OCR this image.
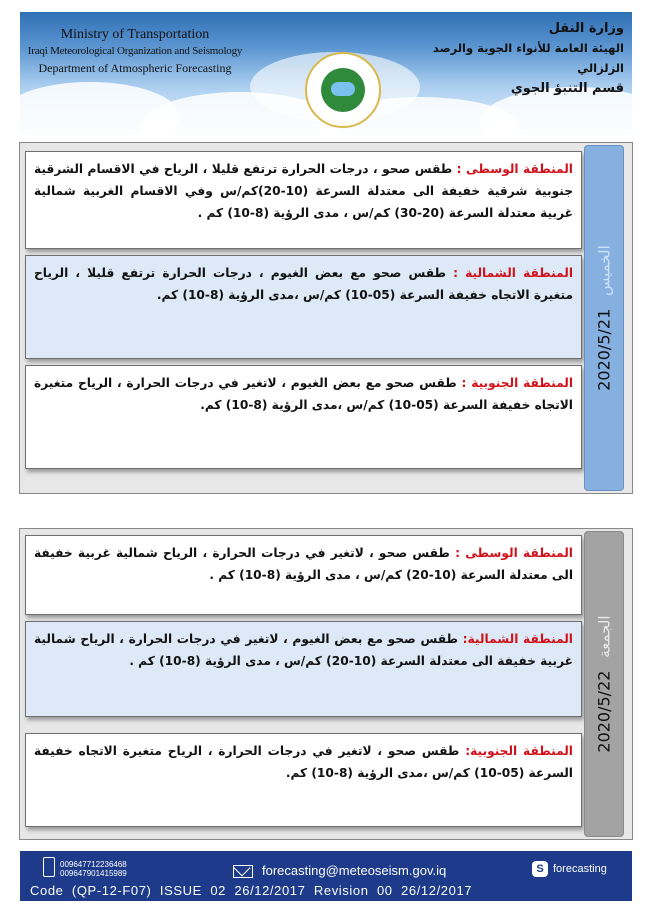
Ministry of Transportation
Iraqi Meteorological Organization and Seismology
Department of Atmospheric Forecasting
وزارة النقل
الهيئة العامة للأنواء الجوية والرصد الزلزالي
قسم التنبؤ الجوي
المنطقة الوسطى : طقس صحو ، درجات الحرارة ترتفع قليلا ، الرياح في الاقسام الشرقية جنوبية شرقية خفيفة الى معتدلة السرعة (10-20)كم/س وفي الاقسام الغربية شمالية غربية معتدلة السرعة (20-30) كم/س ، مدى الرؤية (8-10) كم .
المنطقة الشمالية : طقس صحو مع بعض الغيوم ، درجات الحرارة ترتفع قليلا ، الرياح متغيرة الاتجاه خفيفة السرعة (05-10) كم/س ،مدى الرؤية (8-10) كم.
المنطقة الجنوبية : طقس صحو مع بعض الغيوم ، لاتغير في درجات الحرارة ، الرياح متغيرة الاتجاه خفيفة السرعة (05-10) كم/س ،مدى الرؤية (8-10) كم.
الخميس 2020/5/21
المنطقة الوسطى : طقس صحو ، لاتغير في درجات الحرارة ، الرياح شمالية غربية خفيفة الى معتدلة السرعة (10-20) كم/س ، مدى الرؤية (8-10) كم .
المنطقة الشمالية: طقس صحو مع بعض الغيوم ، لاتغير في درجات الحرارة ، الرياح شمالية غربية خفيفة الى معتدلة السرعة (10-20) كم/س ، مدى الرؤية (8-10) كم .
المنطقة الجنوبية: طقس صحو ، لاتغير في درجات الحرارة ، الرياح متغيرة الاتجاه خفيفة السرعة (05-10) كم/س ،مدى الرؤية (8-10) كم.
الجمعة 2020/5/22
009647712236468
009647901415989	forecasting@meteoseism.gov.iq	S forecasting
Code  (QP-12-F07)  ISSUE  02  26/12/2017  Revision  00  26/12/2017
